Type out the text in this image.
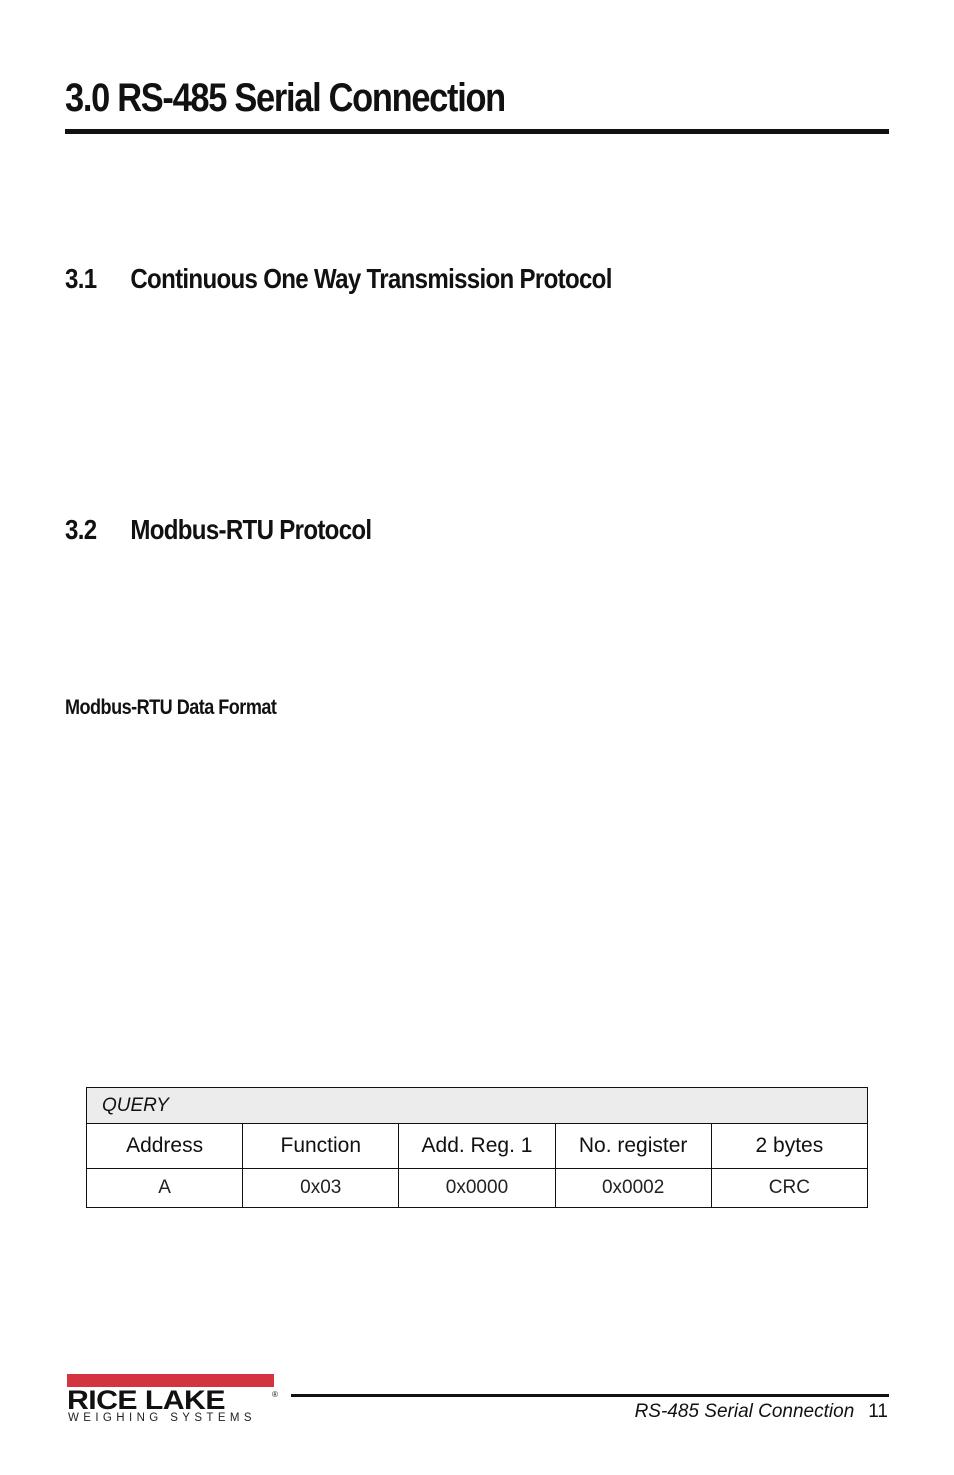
3.0 RS-485 Serial Connection
3.1 Continuous One Way Transmission Protocol
3.2 Modbus-RTU Protocol
Modbus-RTU Data Format
QUERY				
Address	Function	Add. Reg. 1	No. register	2 bytes
A	0x03	0x0000	0x0002	CRC
RICE LAKE	®
WEIGHING SYSTEMS	RS-485 Serial Connection 11
